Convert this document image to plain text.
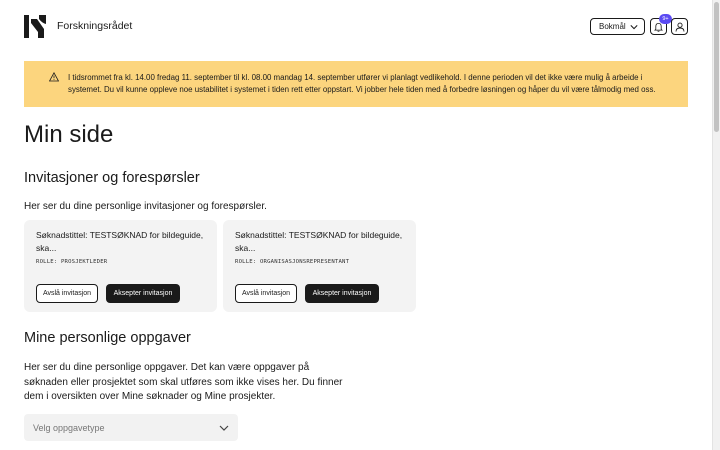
Forskningsrådet	Bokmål
9+

I tidsrommet fra kl. 14.00 fredag 11. september til kl. 08.00 mandag 14. september utfører vi planlagt vedlikehold. I denne perioden vil det ikke være mulig å arbeide i systemet. Du vil kunne oppleve noe ustabilitet i systemet i tiden rett etter oppstart. Vi jobber hele tiden med å forbedre løsningen og håper du vil være tålmodig med oss.

Min side
Invitasjoner og forespørsler

Her ser du dine personlige invitasjoner og forespørsler.

Søknadstittel: TESTSØKNAD for bildeguide, ska...

ROLLE: PROSJEKTLEDER

Avslå invitasjon	Aksepter invitasjon

Søknadstittel: TESTSØKNAD for bildeguide, ska...

ROLLE: ORGANISASJONSREPRESENTANT

Avslå invitasjon	Aksepter invitasjon
Mine personlige oppgaver

Her ser du dine personlige oppgaver. Det kan være oppgaver på søknaden eller prosjektet som skal utføres som ikke vises her. Du finner dem i oversikten over Mine søknader og Mine prosjekter.

Velg oppgavetype
